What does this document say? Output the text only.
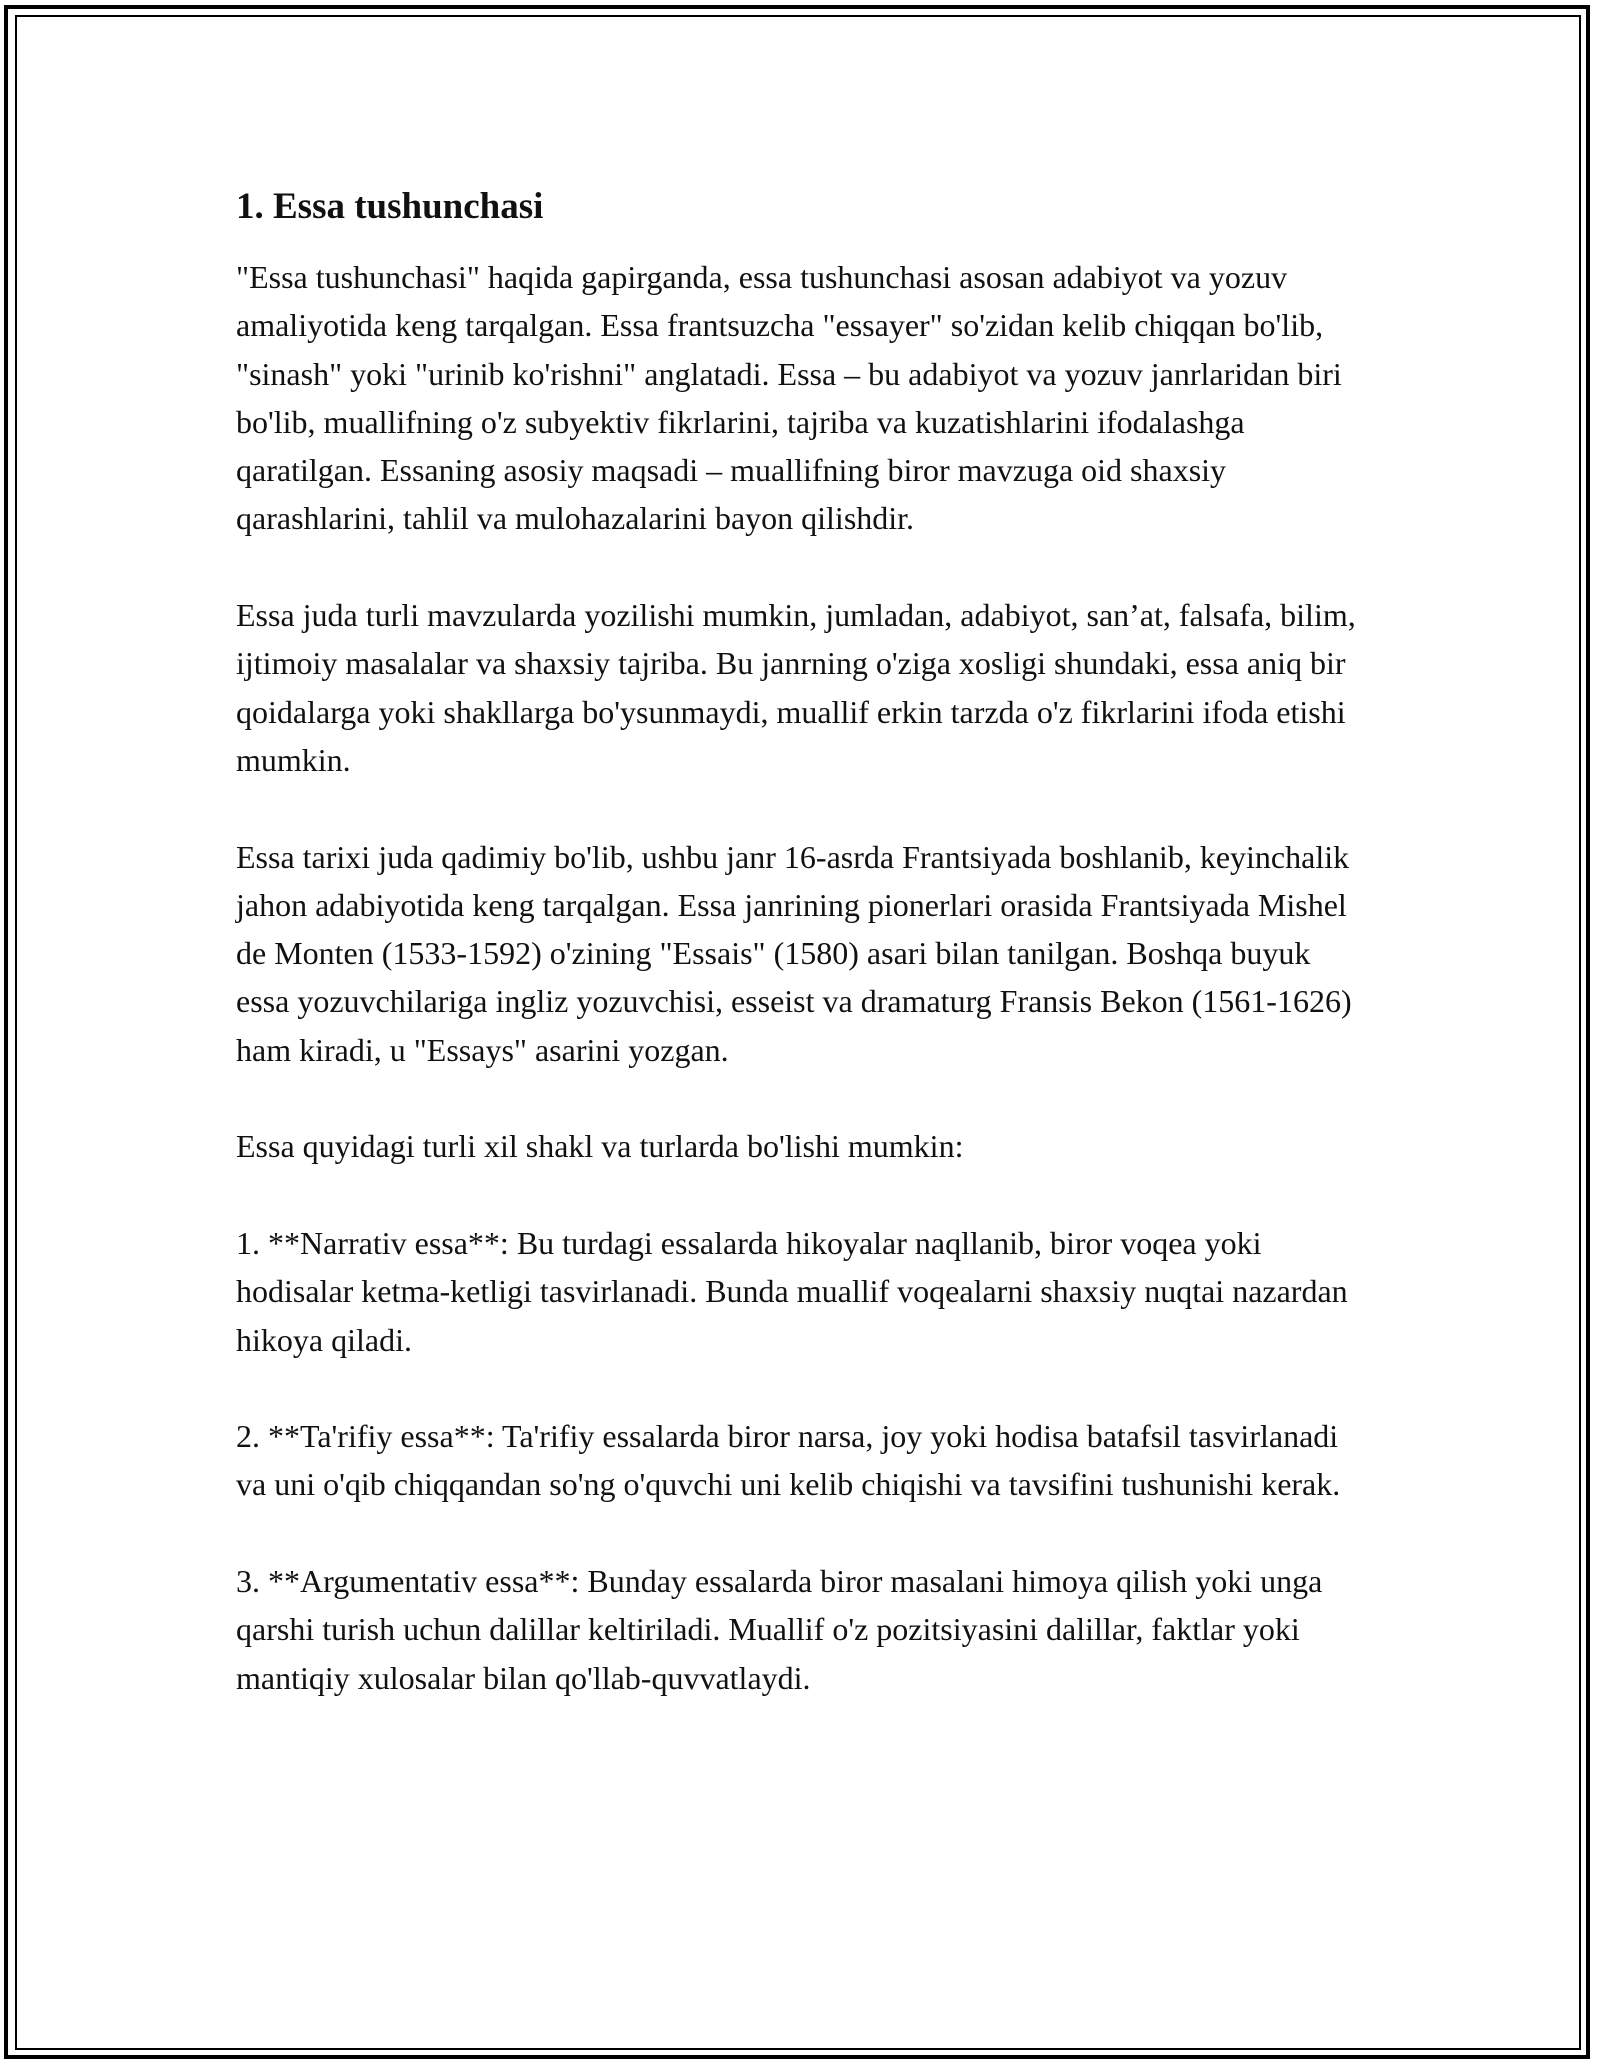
1. Essa tushunchasi

"Essa tushunchasi" haqida gapirganda, essa tushunchasi asosan adabiyot va yozuv amaliyotida keng tarqalgan. Essa frantsuzcha "essayer" so'zidan kelib chiqqan bo'lib, "sinash" yoki "urinib ko'rishni" anglatadi. Essa – bu adabiyot va yozuv janrlaridan biri bo'lib, muallifning o'z subyektiv fikrlarini, tajriba va kuzatishlarini ifodalashga qaratilgan. Essaning asosiy maqsadi – muallifning biror mavzuga oid shaxsiy qarashlarini, tahlil va mulohazalarini bayon qilishdir.

Essa juda turli mavzularda yozilishi mumkin, jumladan, adabiyot, san’at, falsafa, bilim, ijtimoiy masalalar va shaxsiy tajriba. Bu janrning o'ziga xosligi shundaki, essa aniq bir qoidalarga yoki shakllarga bo'ysunmaydi, muallif erkin tarzda o'z fikrlarini ifoda etishi mumkin.

Essa tarixi juda qadimiy bo'lib, ushbu janr 16-asrda Frantsiyada boshlanib, keyinchalik jahon adabiyotida keng tarqalgan. Essa janrining pionerlari orasida Frantsiyada Mishel de Monten (1533-1592) o'zining "Essais" (1580) asari bilan tanilgan. Boshqa buyuk essa yozuvchilariga ingliz yozuvchisi, esseist va dramaturg Fransis Bekon (1561-1626) ham kiradi, u "Essays" asarini yozgan.

Essa quyidagi turli xil shakl va turlarda bo'lishi mumkin:

1. **Narrativ essa**: Bu turdagi essalarda hikoyalar naqllanib, biror voqea yoki hodisalar ketma-ketligi tasvirlanadi. Bunda muallif voqealarni shaxsiy nuqtai nazardan hikoya qiladi.

2. **Ta'rifiy essa**: Ta'rifiy essalarda biror narsa, joy yoki hodisa batafsil tasvirlanadi va uni o'qib chiqqandan so'ng o'quvchi uni kelib chiqishi va tavsifini tushunishi kerak.

3. **Argumentativ essa**: Bunday essalarda biror masalani himoya qilish yoki unga qarshi turish uchun dalillar keltiriladi. Muallif o'z pozitsiyasini dalillar, faktlar yoki mantiqiy xulosalar bilan qo'llab-quvvatlaydi.
